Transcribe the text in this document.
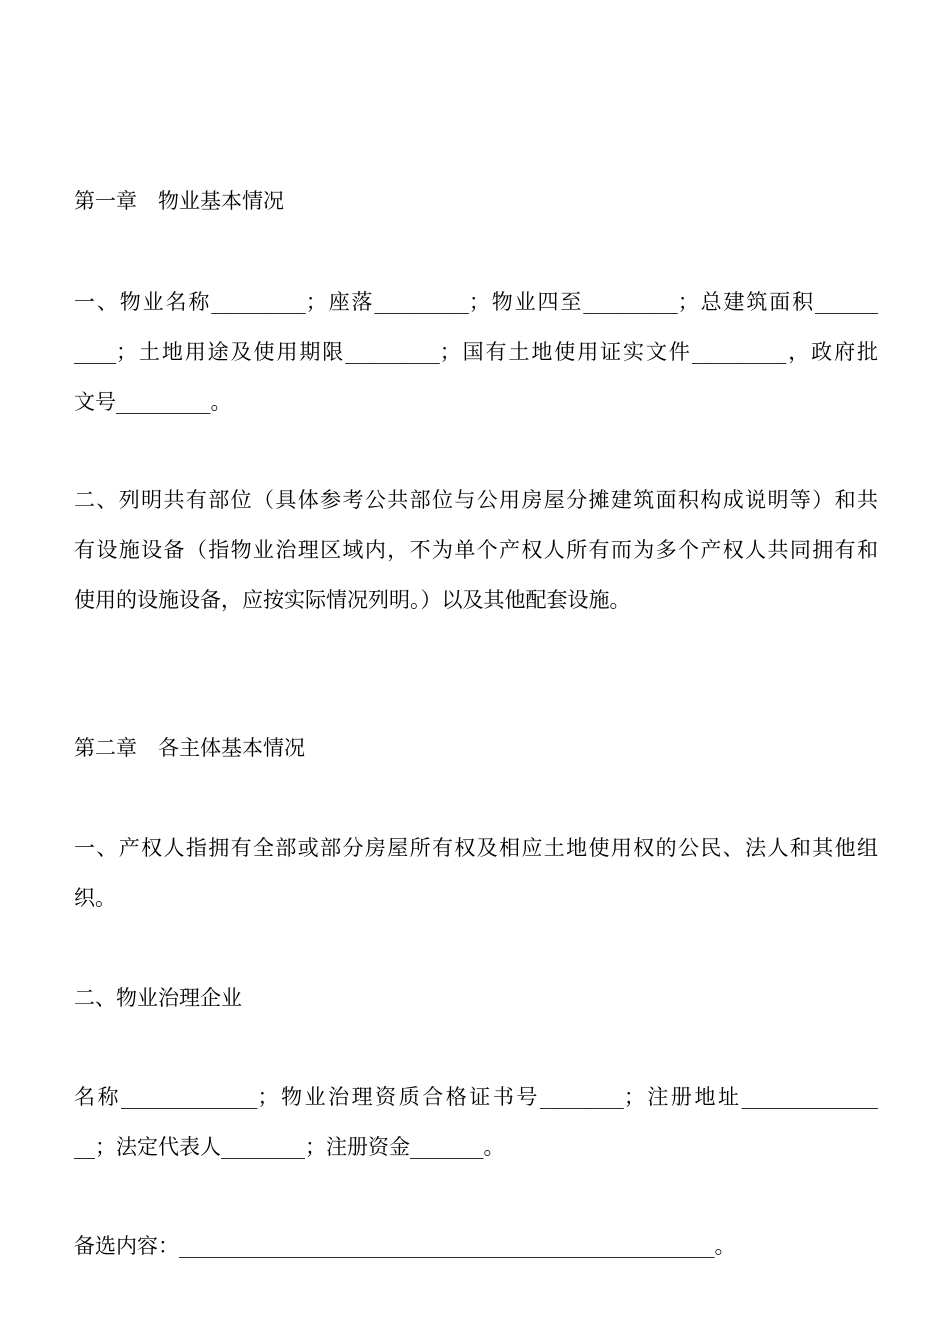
第一章　物业基本情况
一、物业名称_________；座落_________；物业四至_________；总建筑面积______
____；土地用途及使用期限_________；国有土地使用证实文件_________，政府批
文号_________。
二、列明共有部位（具体参考公共部位与公用房屋分摊建筑面积构成说明等）和共
有设施设备（指物业治理区域内，不为单个产权人所有而为多个产权人共同拥有和
使用的设施设备，应按实际情况列明。）以及其他配套设施。
第二章　各主体基本情况
一、产权人指拥有全部或部分房屋所有权及相应土地使用权的公民、法人和其他组
织。
二、物业治理企业
名称_____________；物业治理资质合格证书号________；注册地址_____________
__；法定代表人________；注册资金_______。
备选内容：___________________________________________________。
